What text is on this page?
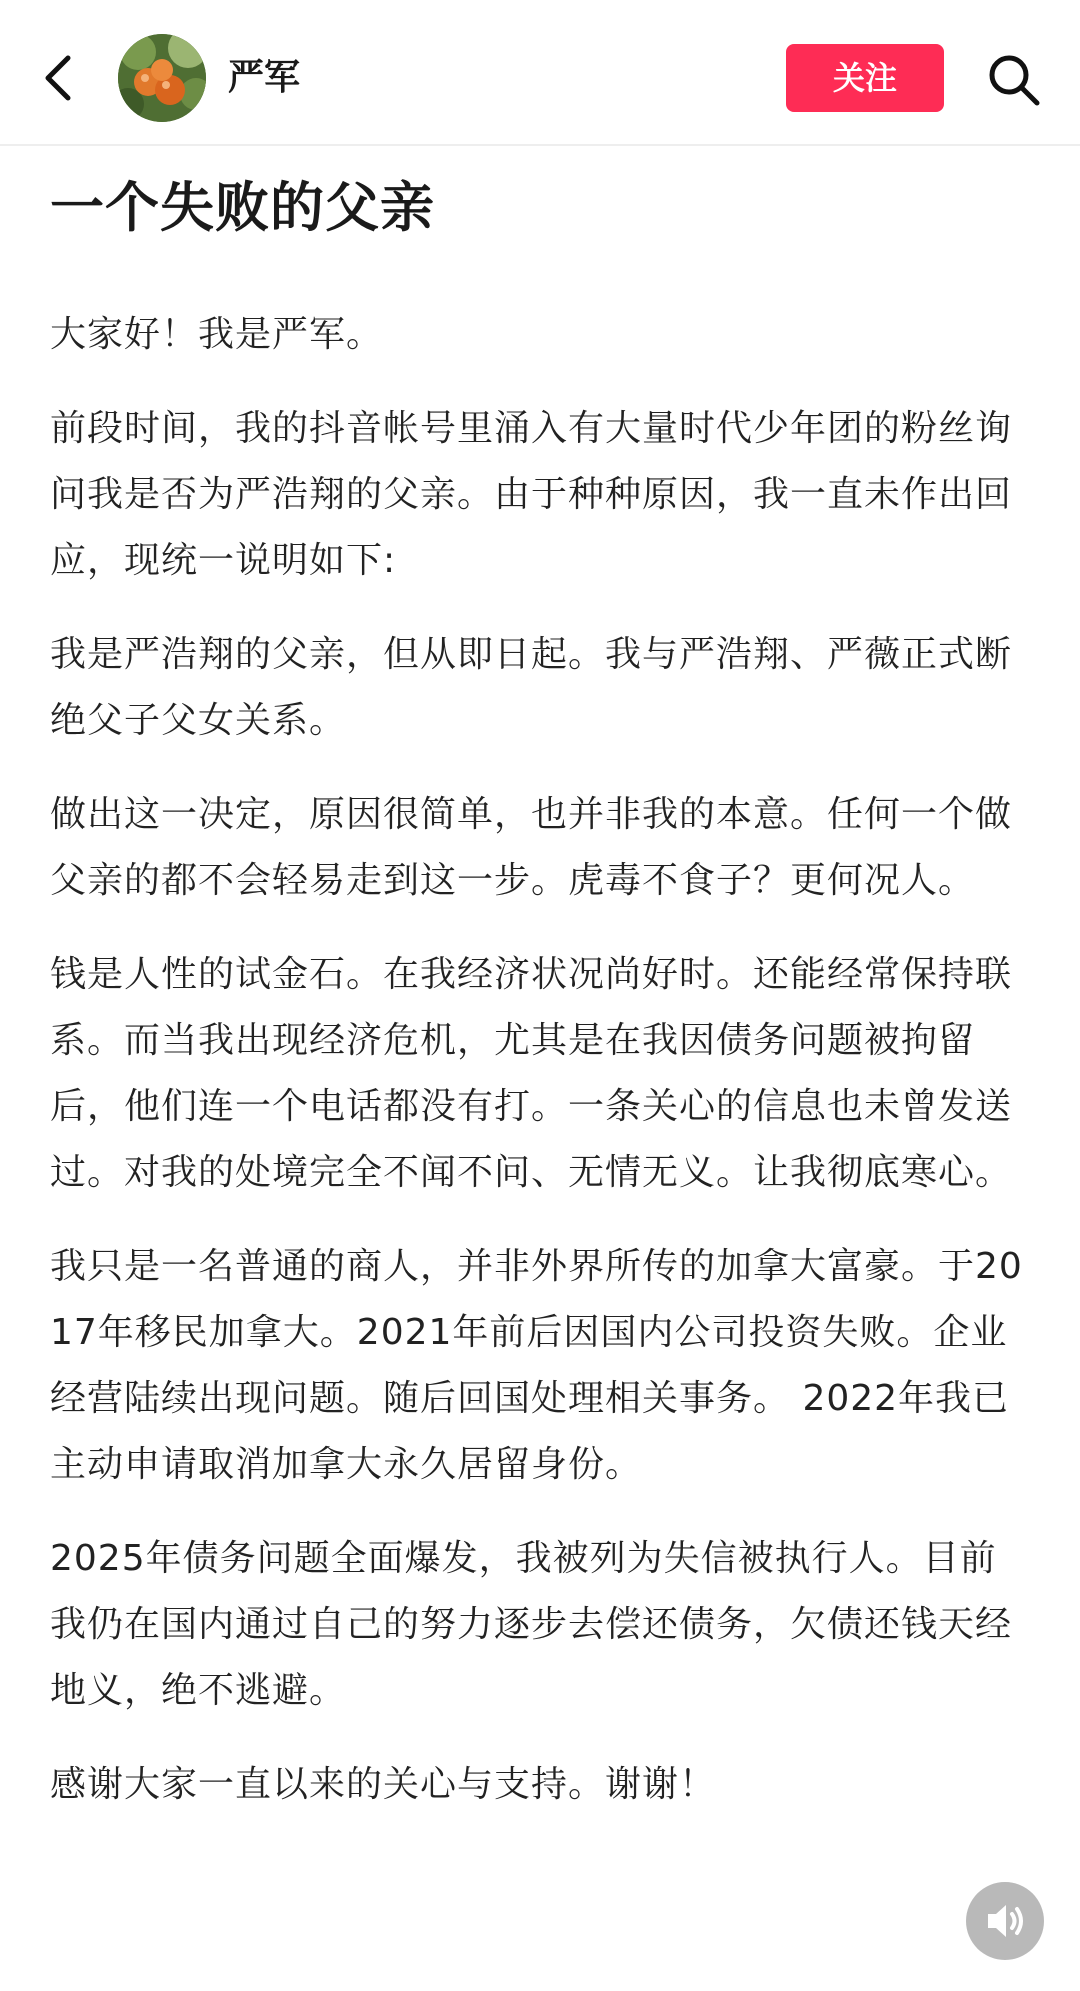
严军	关注
一个失败的父亲

大家好！我是严军。

前段时间，我的抖音帐号里涌入有大量时代少年团的粉丝询问我是否为严浩翔的父亲。由于种种原因，我一直未作出回应，现统一说明如下:

我是严浩翔的父亲，但从即日起。我与严浩翔、严薇正式断绝父子父女关系。

做出这一决定，原因很简单，也并非我的本意。任何一个做父亲的都不会轻易走到这一步。虎毒不食子？更何况人。

钱是人性的试金石。在我经济状况尚好时。还能经常保持联系。而当我出现经济危机，尤其是在我因债务问题被拘留后，他们连一个电话都没有打。一条关心的信息也未曾发送过。对我的处境完全不闻不问、无情无义。让我彻底寒心。

我只是一名普通的商人，并非外界所传的加拿大富豪。于2017年移民加拿大。2021年前后因国内公司投资失败。企业经营陆续出现问题。随后回国处理相关事务。 2022年我已主动申请取消加拿大永久居留身份。

2025年债务问题全面爆发，我被列为失信被执行人。目前我仍在国内通过自己的努力逐步去偿还债务，欠债还钱天经地义，绝不逃避。

感谢大家一直以来的关心与支持。谢谢！
